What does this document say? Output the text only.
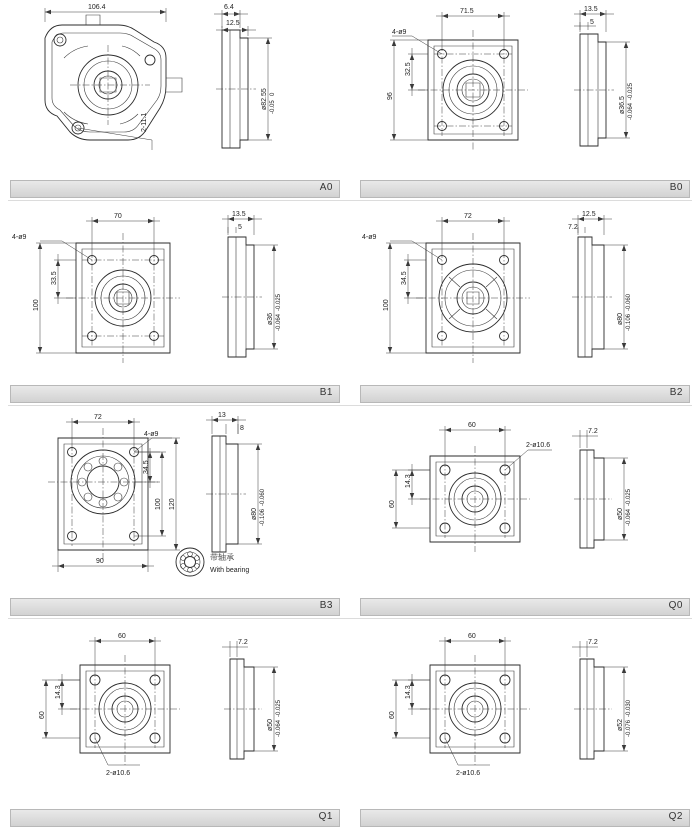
106.4
2-11.1
6.4
12.5
ø82.55 0
-0.05
A0
71.5
4-ø9
32.5
96
13.5
5
ø36.5
-0.025
-0.064
B0
70
4-ø9
33.5
100
13.5
5
ø36
-0.025
-0.064
B1
72
4-ø9
34.5
100
12.5
7.2
ø80
-0.060
-0.106
B2
72
4-ø9
34.5
100 120
90
13
8
ø80
-0.060
-0.106
带轴承
With bearing
B3
60
2-ø10.6
14.3
60
7.2
ø50
-0.025
-0.064
Q0
60
14.3
60
2-ø10.6
7.2
ø50
-0.025
-0.064
Q1
60
14.3
60
2-ø10.6
7.2
ø52
-0.030
-0.076
Q2
